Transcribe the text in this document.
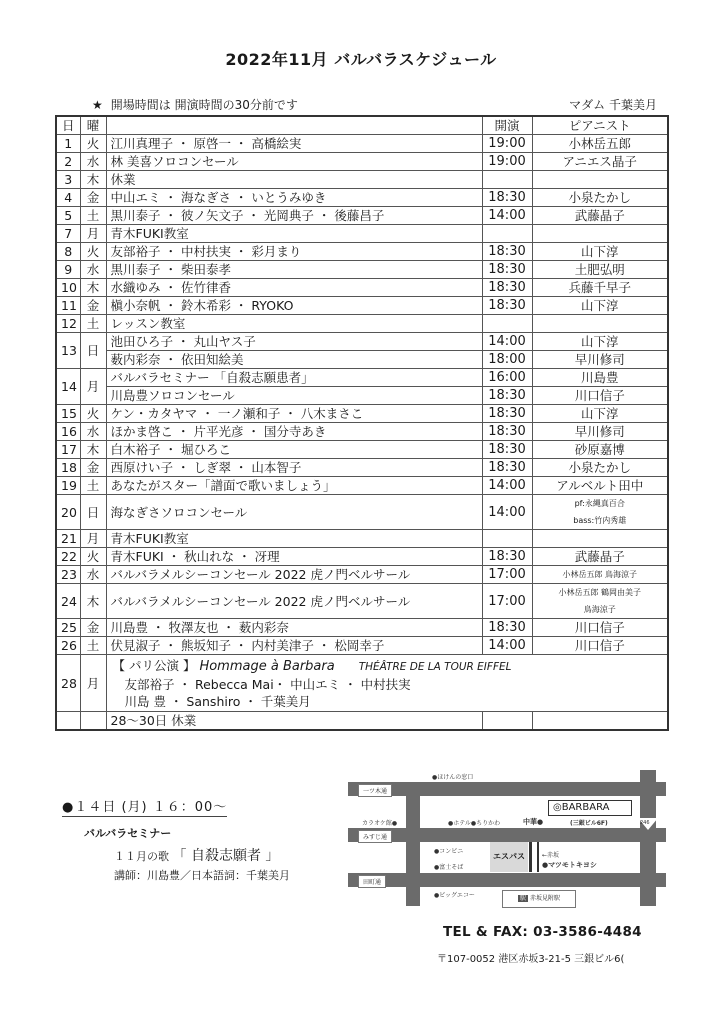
2022年11月 バルバラスケジュール
★ 開場時間は 開演時間の30分前です	マダム 千葉美月
日	曜		開演	ピアニスト
1	火	江川真理子 ・ 原啓一 ・ 高橋絵実	19:00	小林岳五郎
2	水	林 美喜ソロコンセール	19:00	アニエス晶子
3	木	休業		
4	金	中山エミ ・ 海なぎさ ・ いとうみゆき	18:30	小泉たかし
5	土	黒川泰子 ・ 彼ノ矢文子 ・ 光岡典子 ・ 後藤昌子	14:00	武藤晶子
7	月	青木FUKI教室		
8	火	友部裕子 ・ 中村扶実 ・ 彩月まり	18:30	山下淳
9	水	黒川泰子 ・ 柴田泰孝	18:30	土肥弘明
10	木	水織ゆみ ・ 佐竹律香	18:30	兵藤千早子
11	金	槇小奈帆 ・ 鈴木希彩 ・ RYOKO	18:30	山下淳
12	土	レッスン教室		
13	日	池田ひろ子 ・ 丸山ヤス子	14:00	山下淳
		薮内彩奈 ・ 依田知絵美	18:00	早川修司
14	月	バルバラセミナー 「自殺志願患者」	16:00	川島豊
		川島豊ソロコンセール	18:30	川口信子
15	火	ケン・カタヤマ ・ 一ノ瀬和子 ・ 八木まさこ	18:30	山下淳
16	水	ほかま啓こ ・ 片平光彦 ・ 国分寺あき	18:30	早川修司
17	木	白木裕子 ・ 堀ひろこ	18:30	砂原嘉博
18	金	西原けい子 ・ しぎ翠 ・ 山本智子	18:30	小泉たかし
19	土	あなたがスター「譜面で歌いましょう」	14:00	アルベルト田中
20	日	海なぎさソロコンセール	14:00	pf:永縄真百合
bass:竹内秀雄

21	月	青木FUKI教室		
22	火	青木FUKI ・ 秋山れな ・ 冴理	18:30	武藤晶子
23	水	バルバラメルシーコンセール 2022 虎ノ門ベルサール	17:00	小林岳五郎 鳥海涼子
24	木	バルバラメルシーコンセール 2022 虎ノ門ベルサール	17:00	小林岳五郎 鶴岡由美子
鳥海涼子

25	金	川島豊 ・ 牧澤友也 ・ 薮内彩奈	18:30	川口信子
26	土	伏見淑子 ・ 熊坂知子 ・ 内村美津子 ・ 松岡幸子	14:00	川口信子
28	月	【 パリ公演 】 Hommage à Barbara THÉÂTRE DE LA TOUR EIFFEL
友部裕子 ・ Rebecca Mai・ 中山エミ ・ 中村扶実
川島 豊 ・ Sanshiro ・ 千葉美月		

		28〜30日 休業		
●１４日 (月) １６：00〜
バルバラセミナー
１１月の歌 「 自殺志願者 」
講師：川島豊／日本語詞：千葉美月
一ツ木通
みすじ通
田町通
●ほけんの窓口
カラオケ館●	●ホテル●ちりかわ	中華●
◎BARBARA
(三銀ビル6F)	246
●コンビニ
●富士そば
エスパス	←赤坂
●マツモトキヨシ
●ビッグエコー	駅 赤坂見附駅
TEL & FAX: 03-3586-4484
〒107-0052 港区赤坂3-21-5 三銀ビル6(
